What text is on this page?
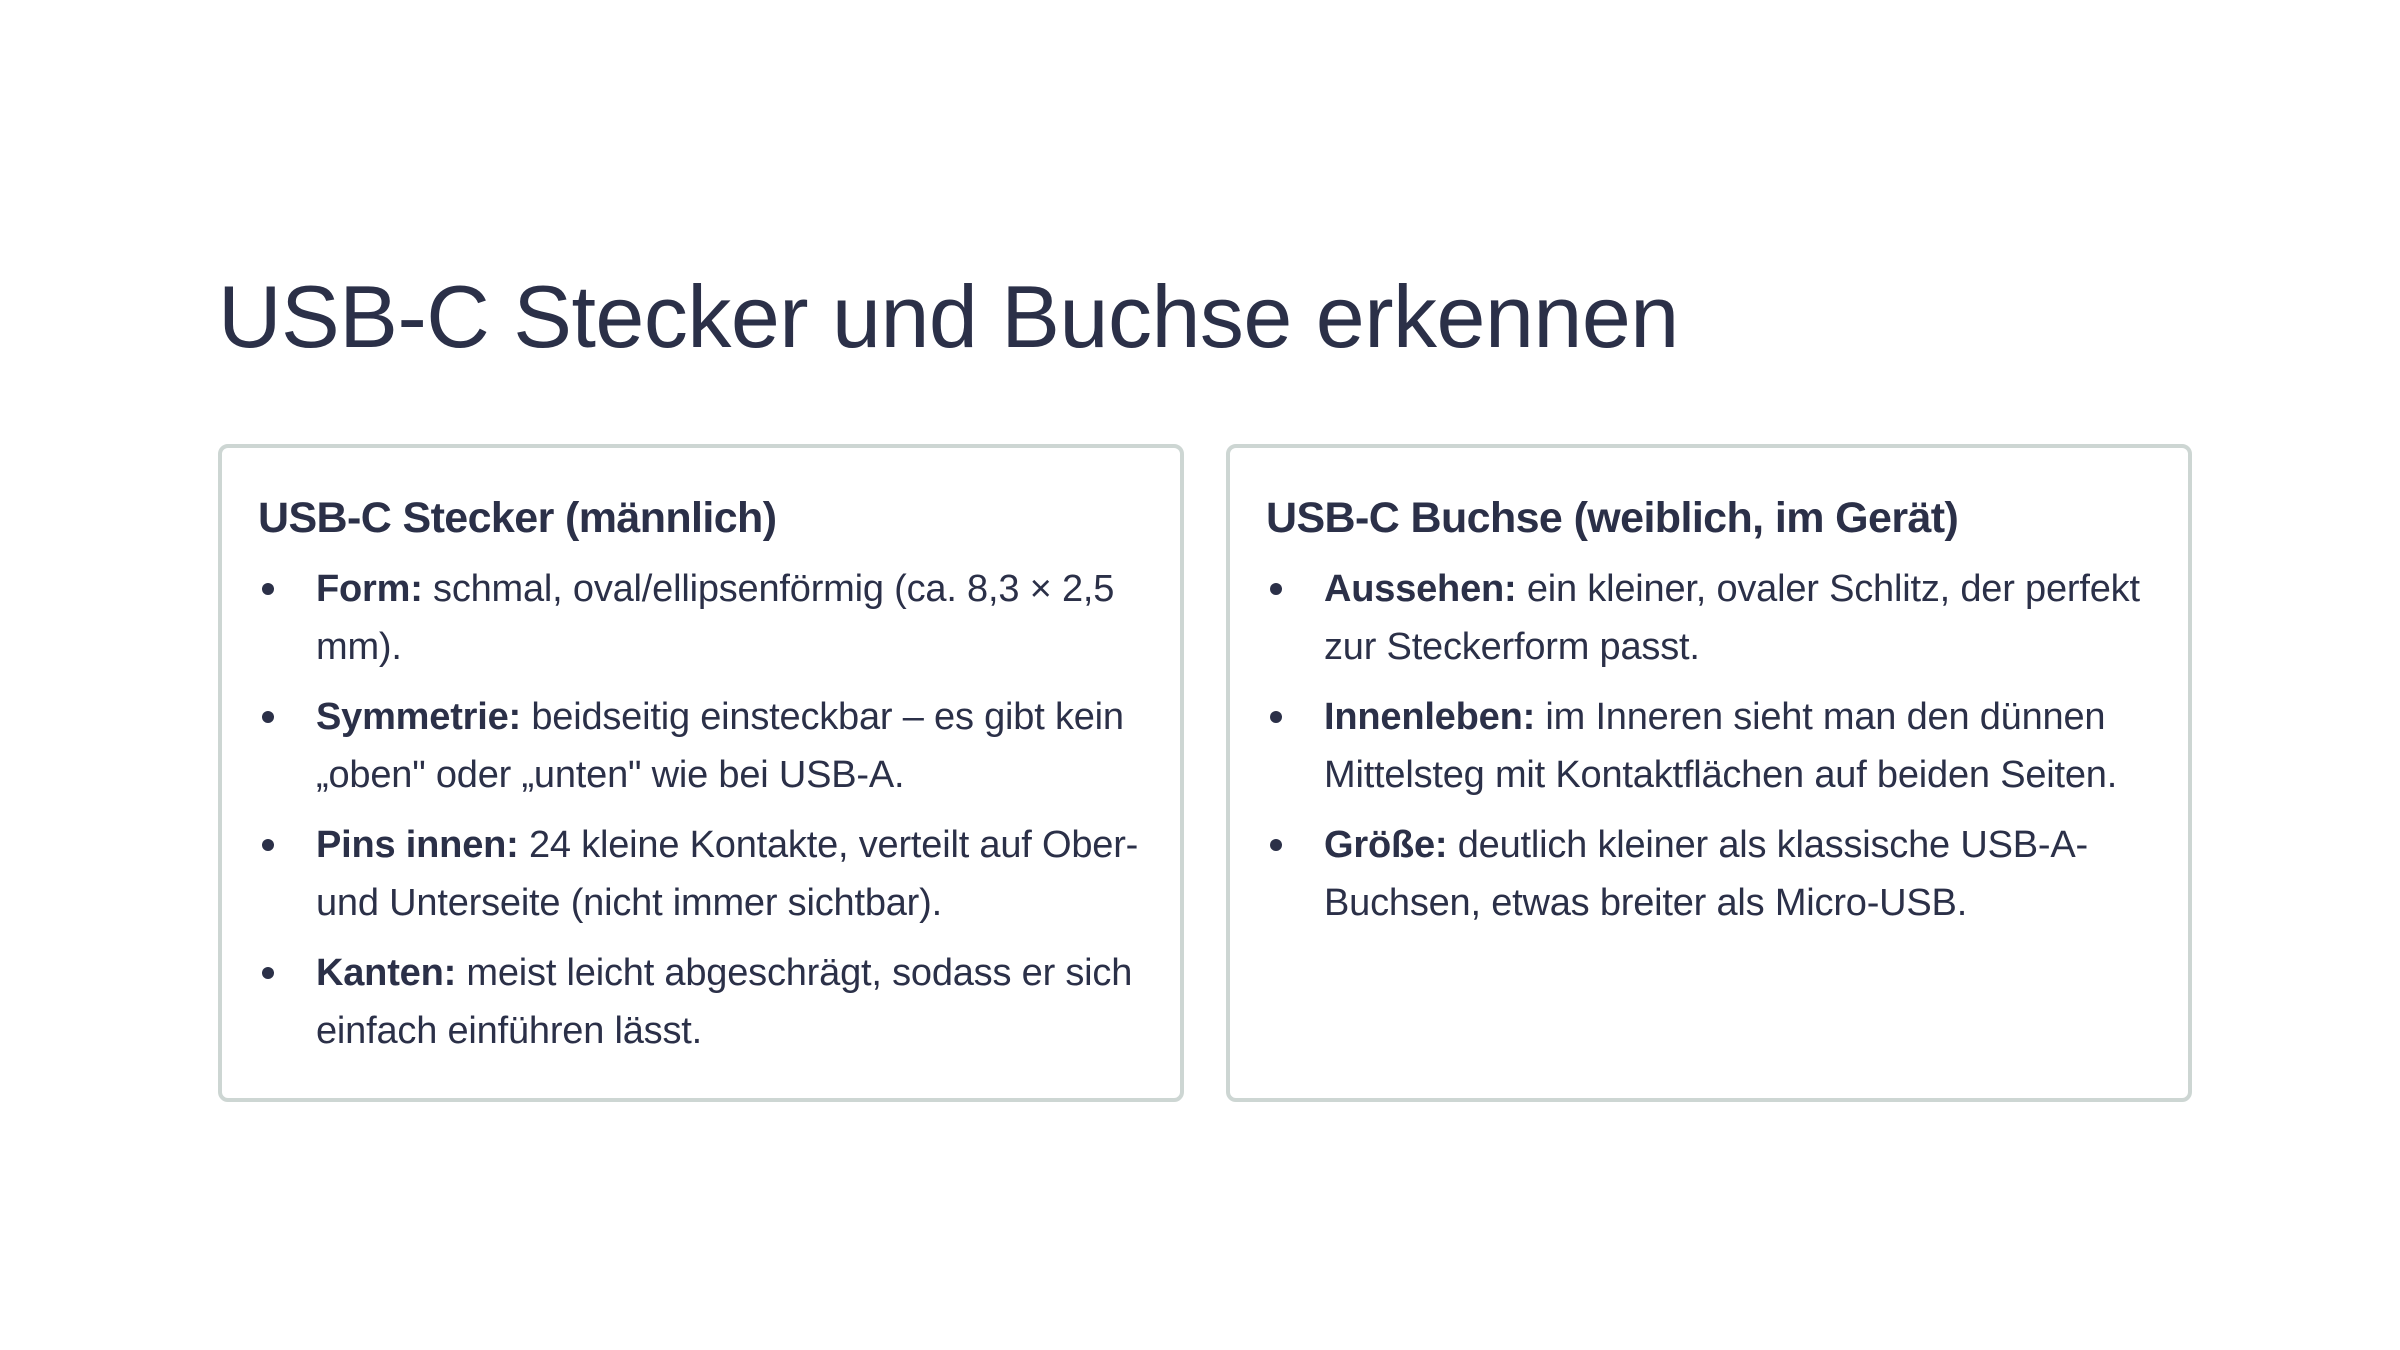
USB-C Stecker und Buchse erkennen
USB-C Stecker (männlich)
Form: schmal, oval/ellipsenförmig (ca. 8,3 × 2,5 mm).
Symmetrie: beidseitig einsteckbar – es gibt kein „oben" oder „unten" wie bei USB-A.
Pins innen: 24 kleine Kontakte, verteilt auf Ober- und Unterseite (nicht immer sichtbar).
Kanten: meist leicht abgeschrägt, sodass er sich einfach einführen lässt.
USB-C Buchse (weiblich, im Gerät)
Aussehen: ein kleiner, ovaler Schlitz, der perfekt zur Steckerform passt.
Innenleben: im Inneren sieht man den dünnen Mittelsteg mit Kontaktflächen auf beiden Seiten.
Größe: deutlich kleiner als klassische USB-A-Buchsen, etwas breiter als Micro-USB.
